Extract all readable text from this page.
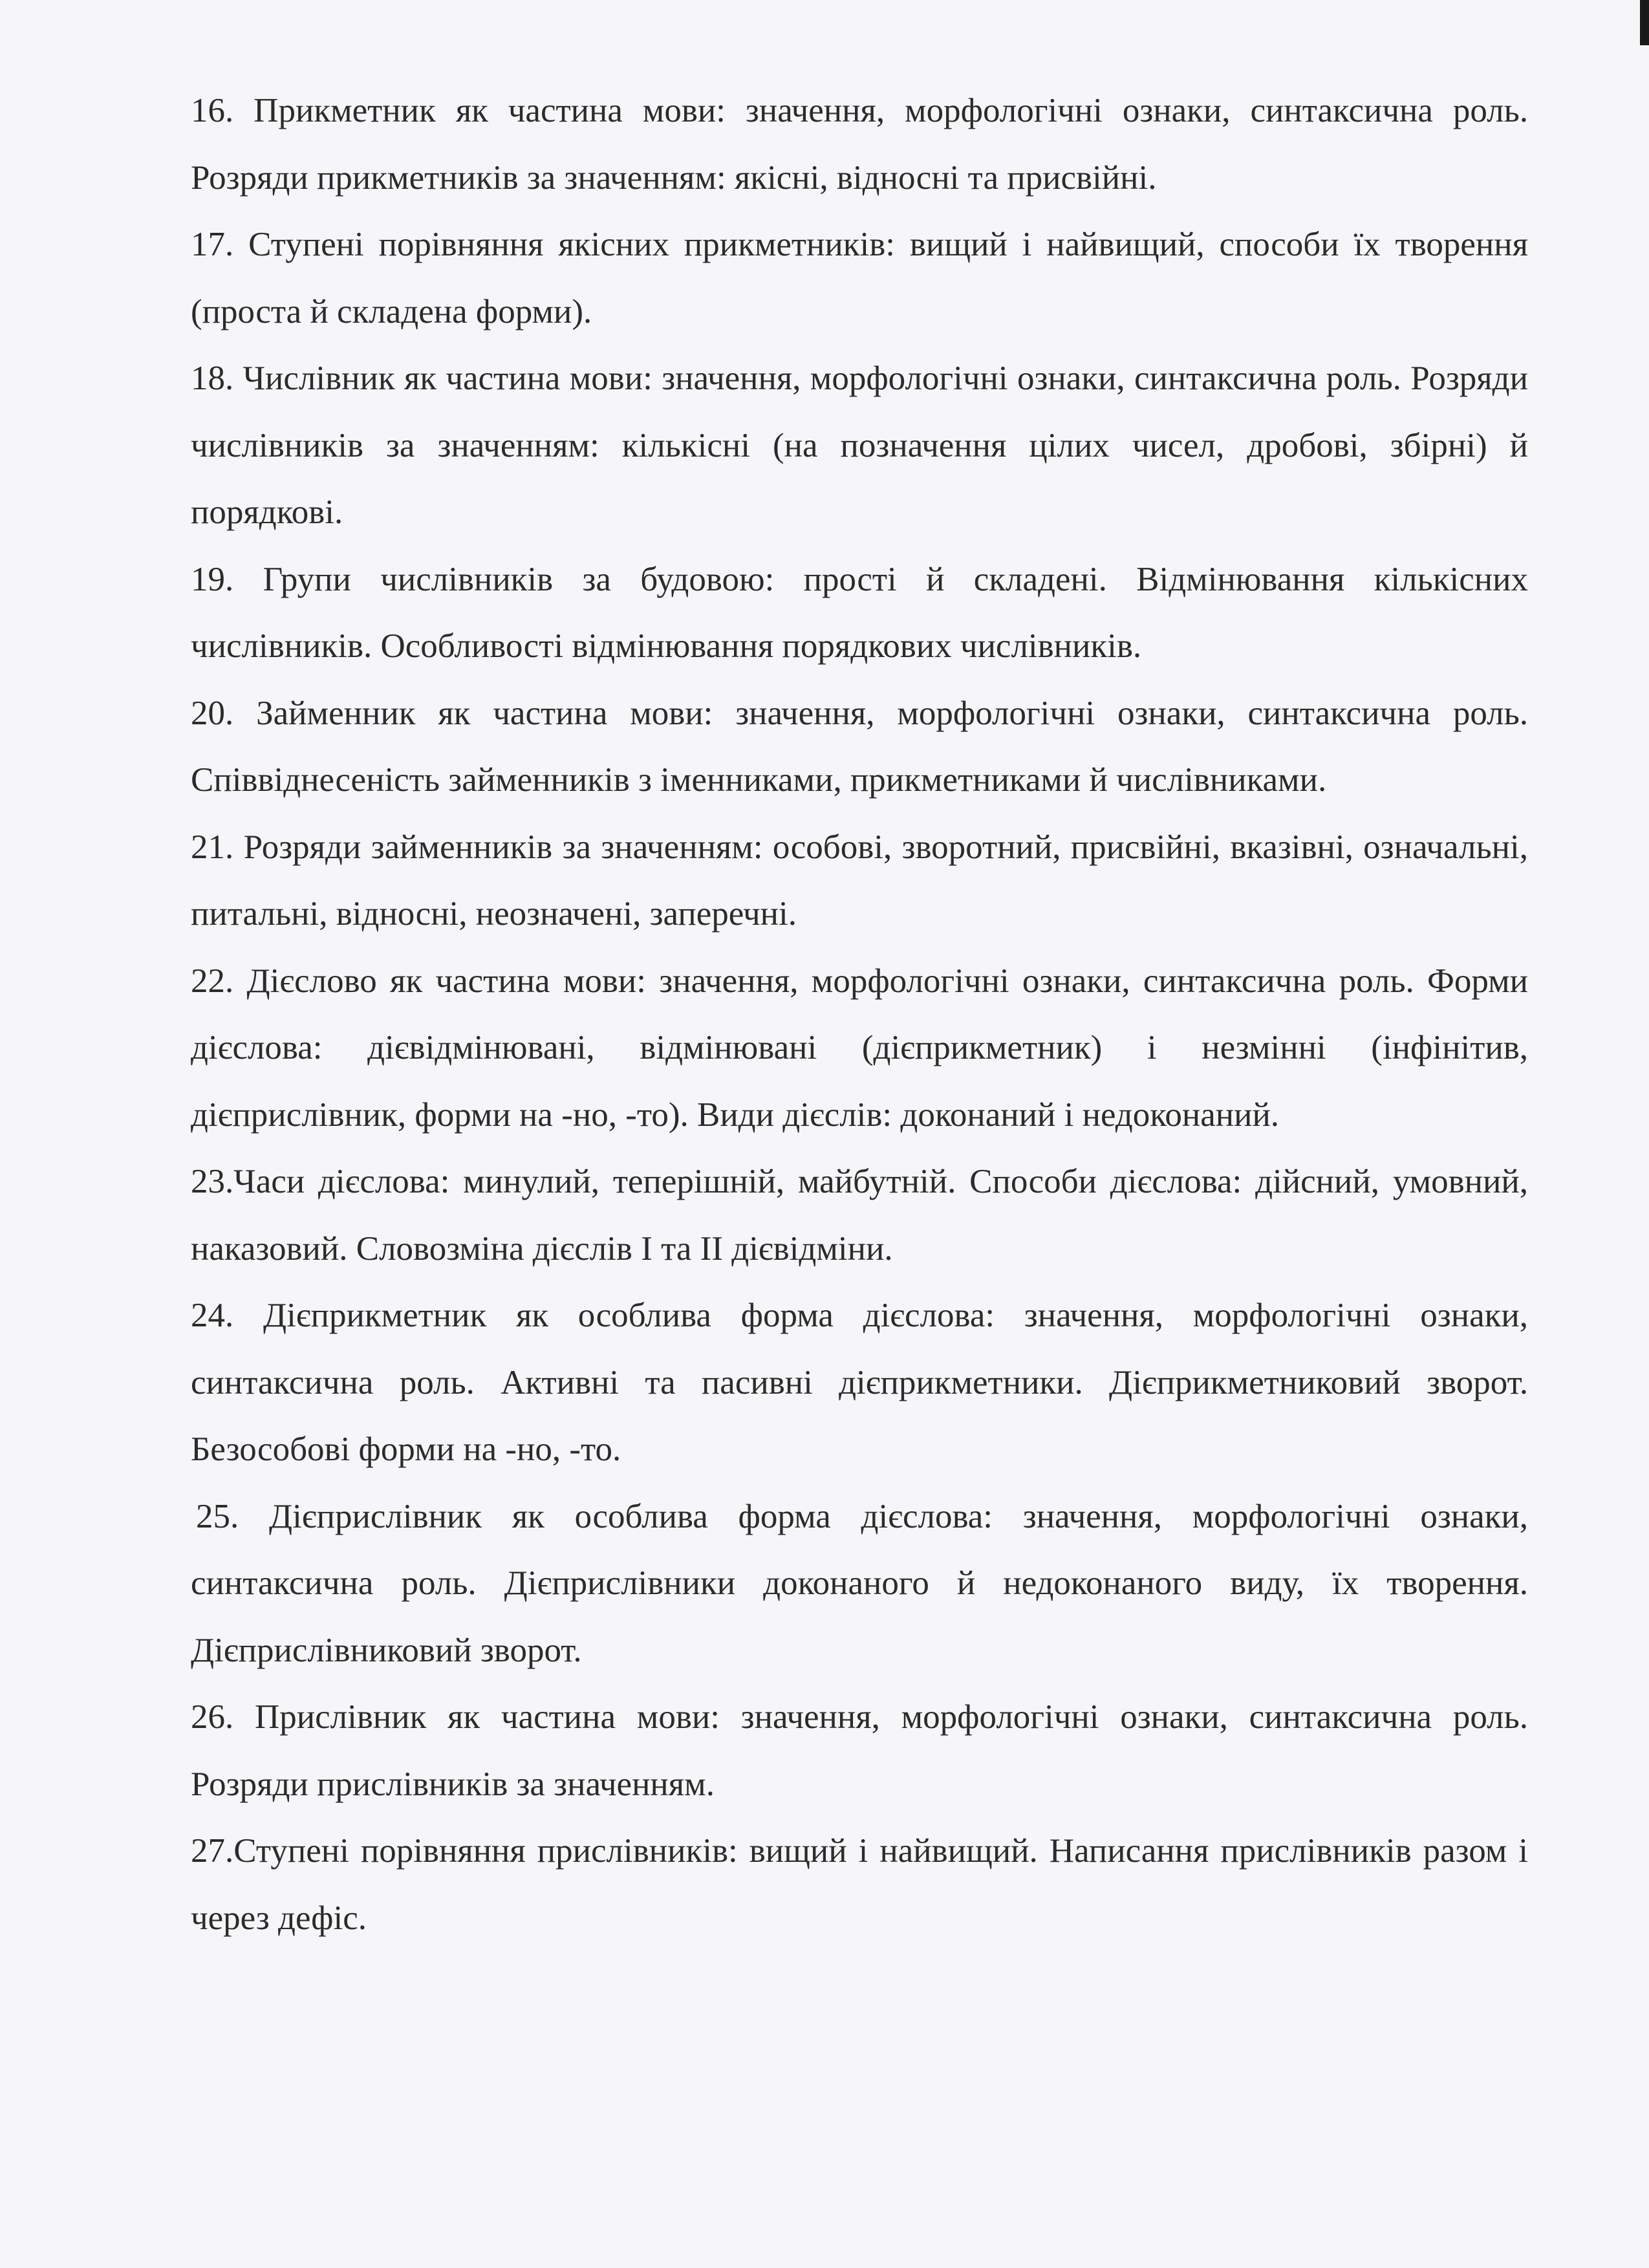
16. Прикметник як частина мови: значення, морфологічні ознаки, синтаксична роль. Розряди прикметників за значенням: якісні, відносні та присвійні.

17. Ступені порівняння якісних прикметників: вищий і найвищий, способи їх творення (проста й складена форми).

18. Числівник як частина мови: значення, морфологічні ознаки, синтаксична роль. Розряди числівників за значенням: кількісні (на позначення цілих чисел, дробові, збірні) й порядкові.

19. Групи числівників за будовою: прості й складені. Відмінювання кількісних числівників. Особливості відмінювання порядкових числівників.

20. Займенник як частина мови: значення, морфологічні ознаки, синтаксична роль. Співвіднесеність займенників з іменниками, прикметниками й числівниками.

21. Розряди займенників за значенням: особові, зворотний, присвійні, вказівні, означальні, питальні, відносні, неозначені, заперечні.

22. Дієслово як частина мови: значення, морфологічні ознаки, синтаксична роль. Форми дієслова: дієвідмінювані, відмінювані (дієприкметник) і незмінні (інфінітив, дієприслівник, форми на -но, -то). Види дієслів: доконаний і недоконаний.

23.Часи дієслова: минулий, теперішній, майбутній. Способи дієслова: дійсний, умовний, наказовий. Словозміна дієслів I та II дієвідміни.

24. Дієприкметник як особлива форма дієслова: значення, морфологічні ознаки, синтаксична роль. Активні та пасивні дієприкметники. Дієприкметниковий зворот. Безособові форми на -но, -то.

25. Дієприслівник як особлива форма дієслова: значення, морфологічні ознаки, синтаксична роль. Дієприслівники доконаного й недоконаного виду, їх творення. Дієприслівниковий зворот.

26. Прислівник як частина мови: значення, морфологічні ознаки, синтаксична роль. Розряди прислівників за значенням.

27.Ступені порівняння прислівників: вищий і найвищий. Написання прислівників разом і через дефіс.
